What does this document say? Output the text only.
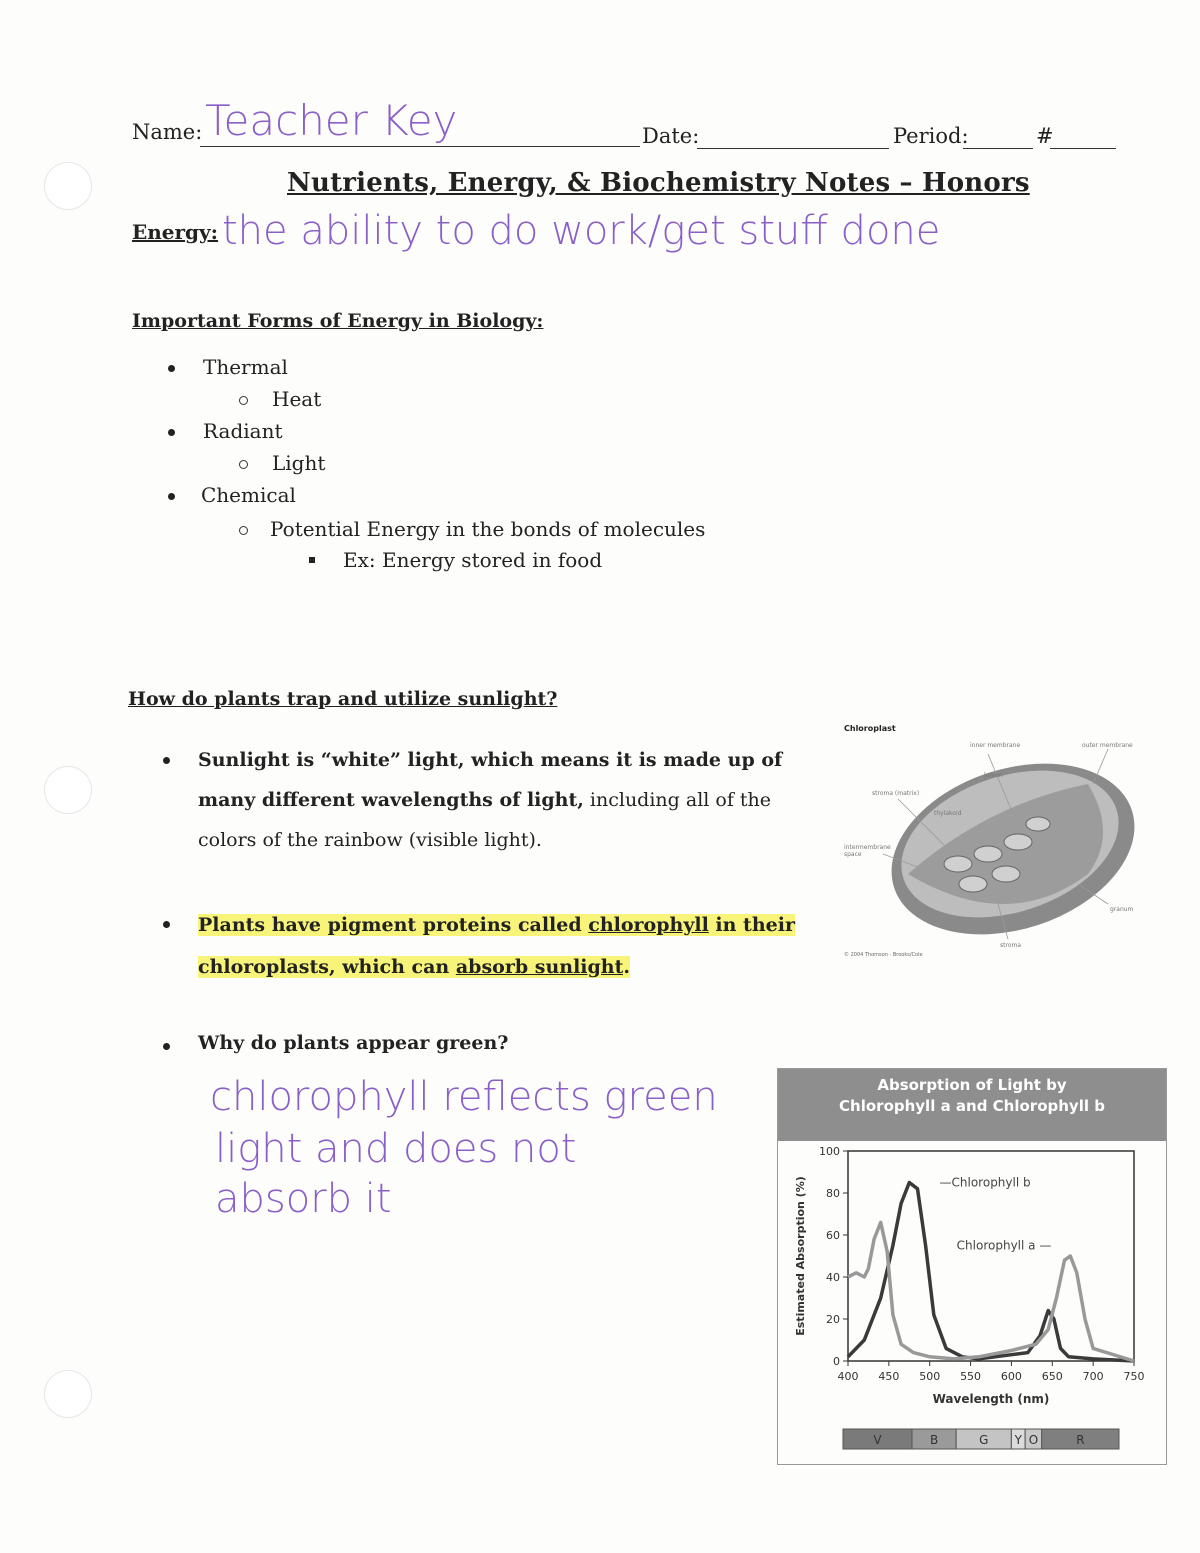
Name: Teacher Key	Date:	Period:	#
Nutrients, Energy, & Biochemistry Notes – Honors
Energy: the ability to do work/get stuff done
Important Forms of Energy in Biology:
Thermal
Heat
Radiant
Light
Chemical
Potential Energy in the bonds of molecules
Ex: Energy stored in food
How do plants trap and utilize sunlight?
Sunlight is “white” light, which means it is made up of many different wavelengths of light, including all of the colors of the rainbow (visible light).
Plants have pigment proteins called chlorophyll in their chloroplasts, which can absorb sunlight.
Why do plants appear green?
chlorophyll reflects green
light and does not
absorb it
Chloroplast
inner membrane	outer membrane
lumen
stroma (matrix)
thylakoid
intermembrane space
granum
stroma
© 2004 Thomson - Brooks/Cole
Absorption of Light by Chlorophyll a and Chlorophyll b
0
20
40
60
80
100
400 450 500 550 600 650 700 750
Wavelength (nm)
Estimated Absorption (%)	—Chlorophyll b
Chlorophyll a —
V	B	G Y O	R
